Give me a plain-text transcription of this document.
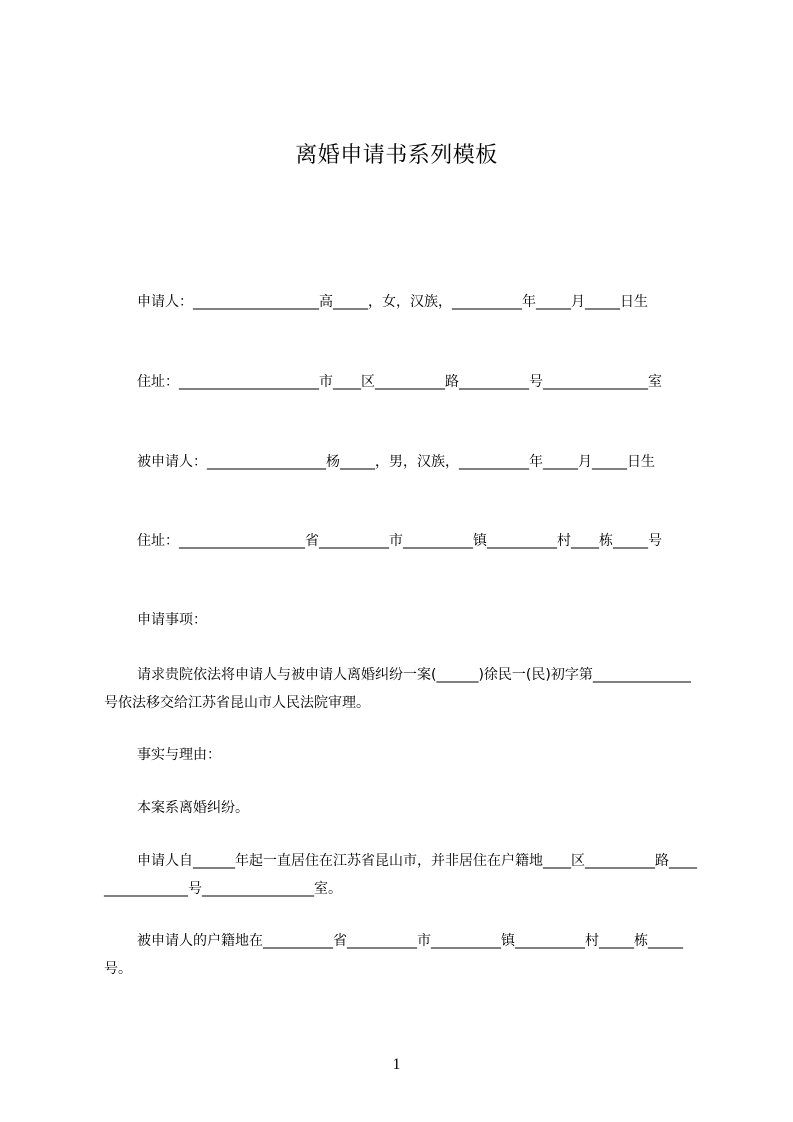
离婚申请书系列模板
申请人：__________________高_____，女，汉族，__________年_____月_____日生
住址：____________________市____区__________路__________号_______________室
被申请人：_________________杨_____，男，汉族，__________年_____月_____日生
住址：__________________省__________市__________镇__________村____栋_____号
申请事项：
请求贵院依法将申请人与被申请人离婚纠纷一案(______)徐民一(民)初字第______________号依法移交给江苏省昆山市人民法院审理。
事实与理由：
本案系离婚纠纷。
申请人自______年起一直居住在江苏省昆山市，并非居住在户籍地____区__________路________________号________________室。
被申请人的户籍地在__________省__________市__________镇__________村_____栋_____号。
1
